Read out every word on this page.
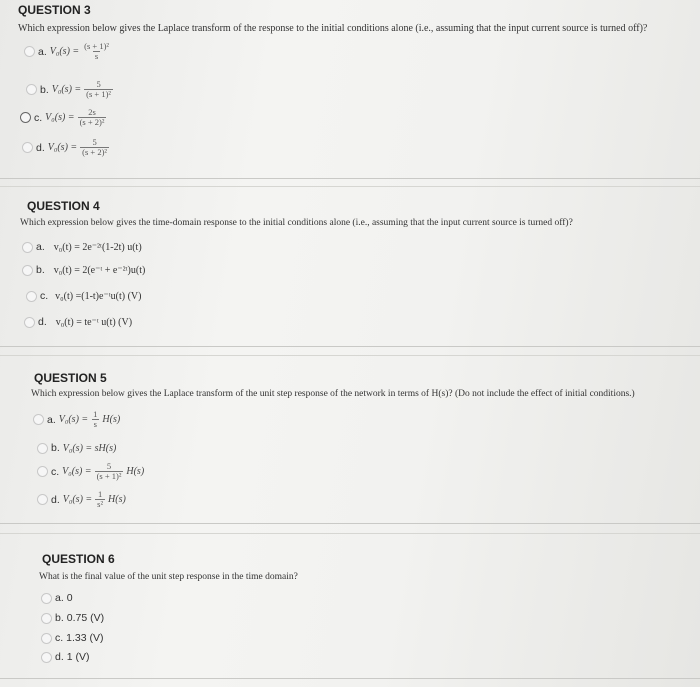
QUESTION 3
Which expression below gives the Laplace transform of the response to the initial conditions alone (i.e., assuming that the input current source is turned off)?
a. $V_0(s) = \frac{\text{(s + 1)²}}{s}$
b. $V_0(s) = \frac{5}{\text{(s + 1)²}}$
c. $V_0(s) = \frac{2s}{\text{(s + 2)²}}$
d. $V_0(s) = \frac{5}{\text{(s + 2)²}}$
QUESTION 4
Which expression below gives the time-domain response to the initial conditions alone (i.e., assuming that the input current source is turned off)?
a. v₀(t) = 2e⁻²ᵗ(1-2t) u(t)
b. v₀(t) = 2(e⁻ᵗ + e⁻²ᵗ)u(t)
c. v₀(t) =(1-t)e⁻ᵗu(t) (V)
d. v₀(t) = te⁻ᵗ u(t) (V)
QUESTION 5
Which expression below gives the Laplace transform of the unit step response of the network in terms of H(s)? (Do not include the effect of initial conditions.)
a. $V_0(s) = \frac{1}{s} H(s)$
b. V₀(s) = sH(s)
c. $V_0(s) = \frac{5}{\text{(s + 1)²}} H(s)$
d. $V_0(s) = \frac{1}{\text{s²}} H(s)$
QUESTION 6
What is the final value of the unit step response in the time domain?
a. 0
b. 0.75 (V)
c. 1.33 (V)
d. 1 (V)
